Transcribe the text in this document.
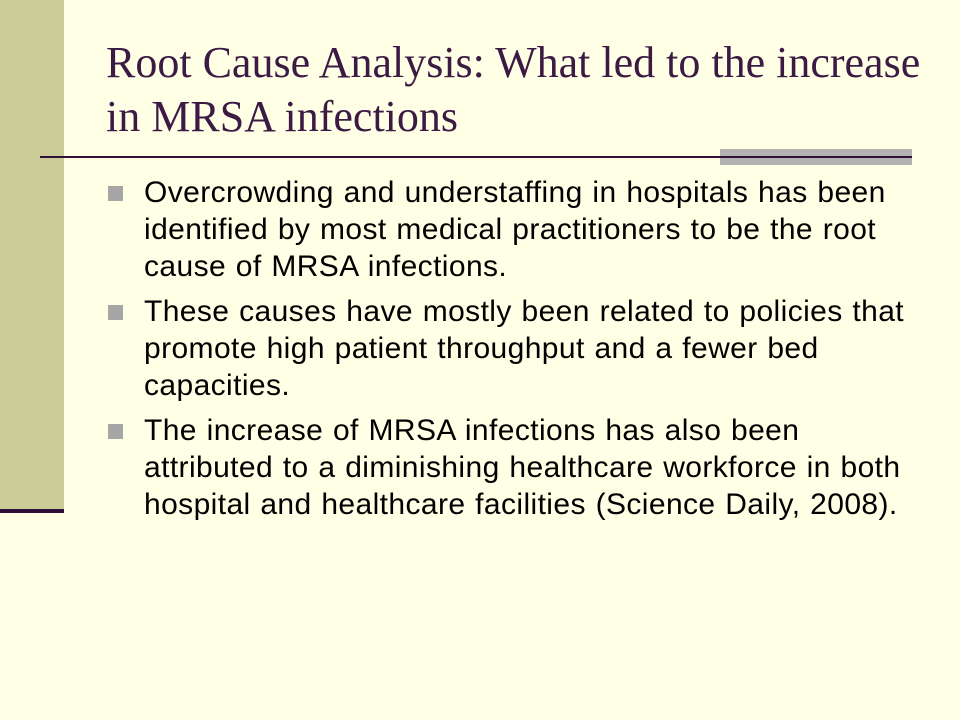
Root Cause Analysis: What led to the increase in MRSA infections
Overcrowding and understaffing in hospitals has been identified by most medical practitioners to be the root cause of MRSA infections.
These causes have mostly been related to policies that promote high patient throughput and a fewer bed capacities.
The increase of MRSA infections has also been attributed to a diminishing healthcare workforce in both hospital and healthcare facilities (Science Daily, 2008).
